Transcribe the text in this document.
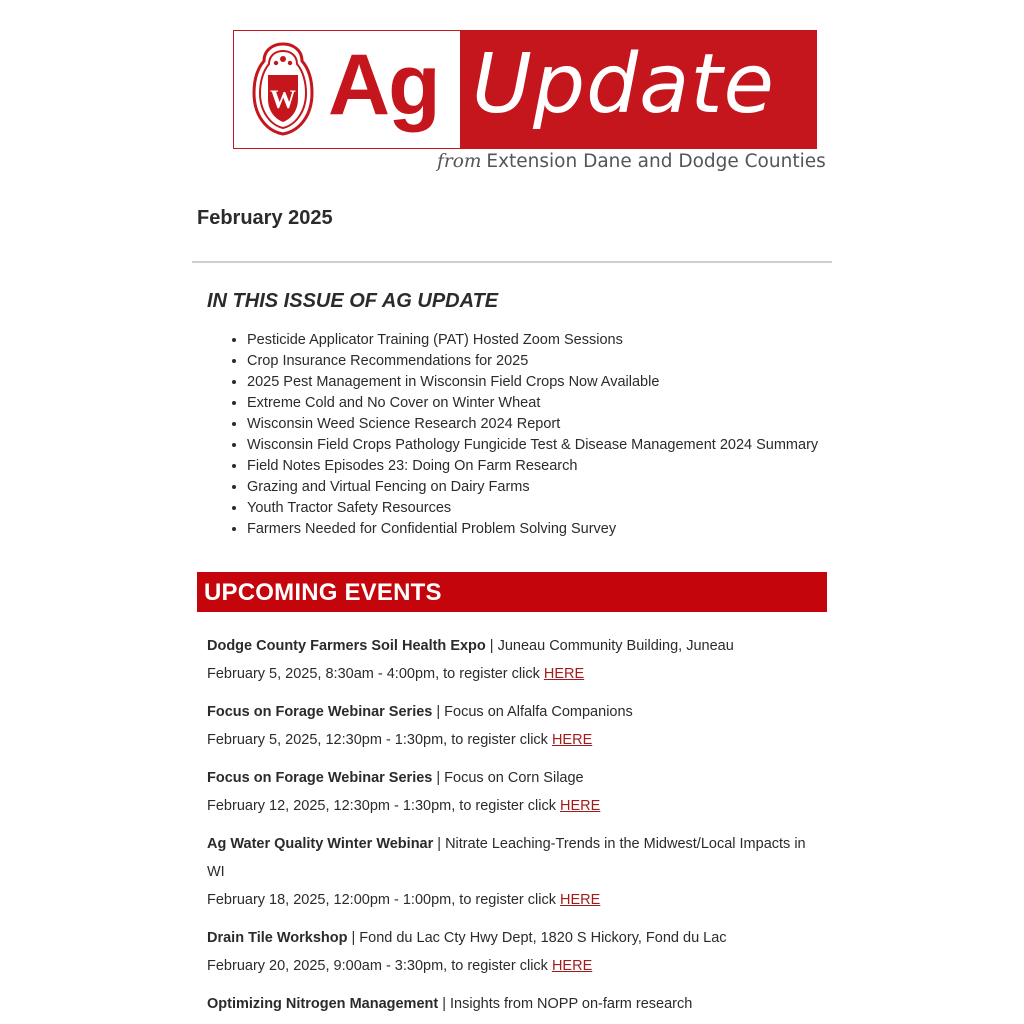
W Ag Update
from Extension Dane and Dodge Counties
February 2025
IN THIS ISSUE OF AG UPDATE
• Pesticide Applicator Training (PAT) Hosted Zoom Sessions
• Crop Insurance Recommendations for 2025
• 2025 Pest Management in Wisconsin Field Crops Now Available
• Extreme Cold and No Cover on Winter Wheat
• Wisconsin Weed Science Research 2024 Report
• Wisconsin Field Crops Pathology Fungicide Test & Disease Management 2024 Summary
• Field Notes Episodes 23: Doing On Farm Research
• Grazing and Virtual Fencing on Dairy Farms
• Youth Tractor Safety Resources
• Farmers Needed for Confidential Problem Solving Survey
UPCOMING EVENTS

Dodge County Farmers Soil Health Expo | Juneau Community Building, Juneau

February 5, 2025, 8:30am - 4:00pm, to register click HERE

Focus on Forage Webinar Series | Focus on Alfalfa Companions

February 5, 2025, 12:30pm - 1:30pm, to register click HERE

Focus on Forage Webinar Series | Focus on Corn Silage

February 12, 2025, 12:30pm - 1:30pm, to register click HERE

Ag Water Quality Winter Webinar | Nitrate Leaching-Trends in the Midwest/Local Impacts in WI

February 18, 2025, 12:00pm - 1:00pm, to register click HERE

Drain Tile Workshop | Fond du Lac Cty Hwy Dept, 1820 S Hickory, Fond du Lac

February 20, 2025, 9:00am - 3:30pm, to register click HERE

Optimizing Nitrogen Management | Insights from NOPP on-farm research
